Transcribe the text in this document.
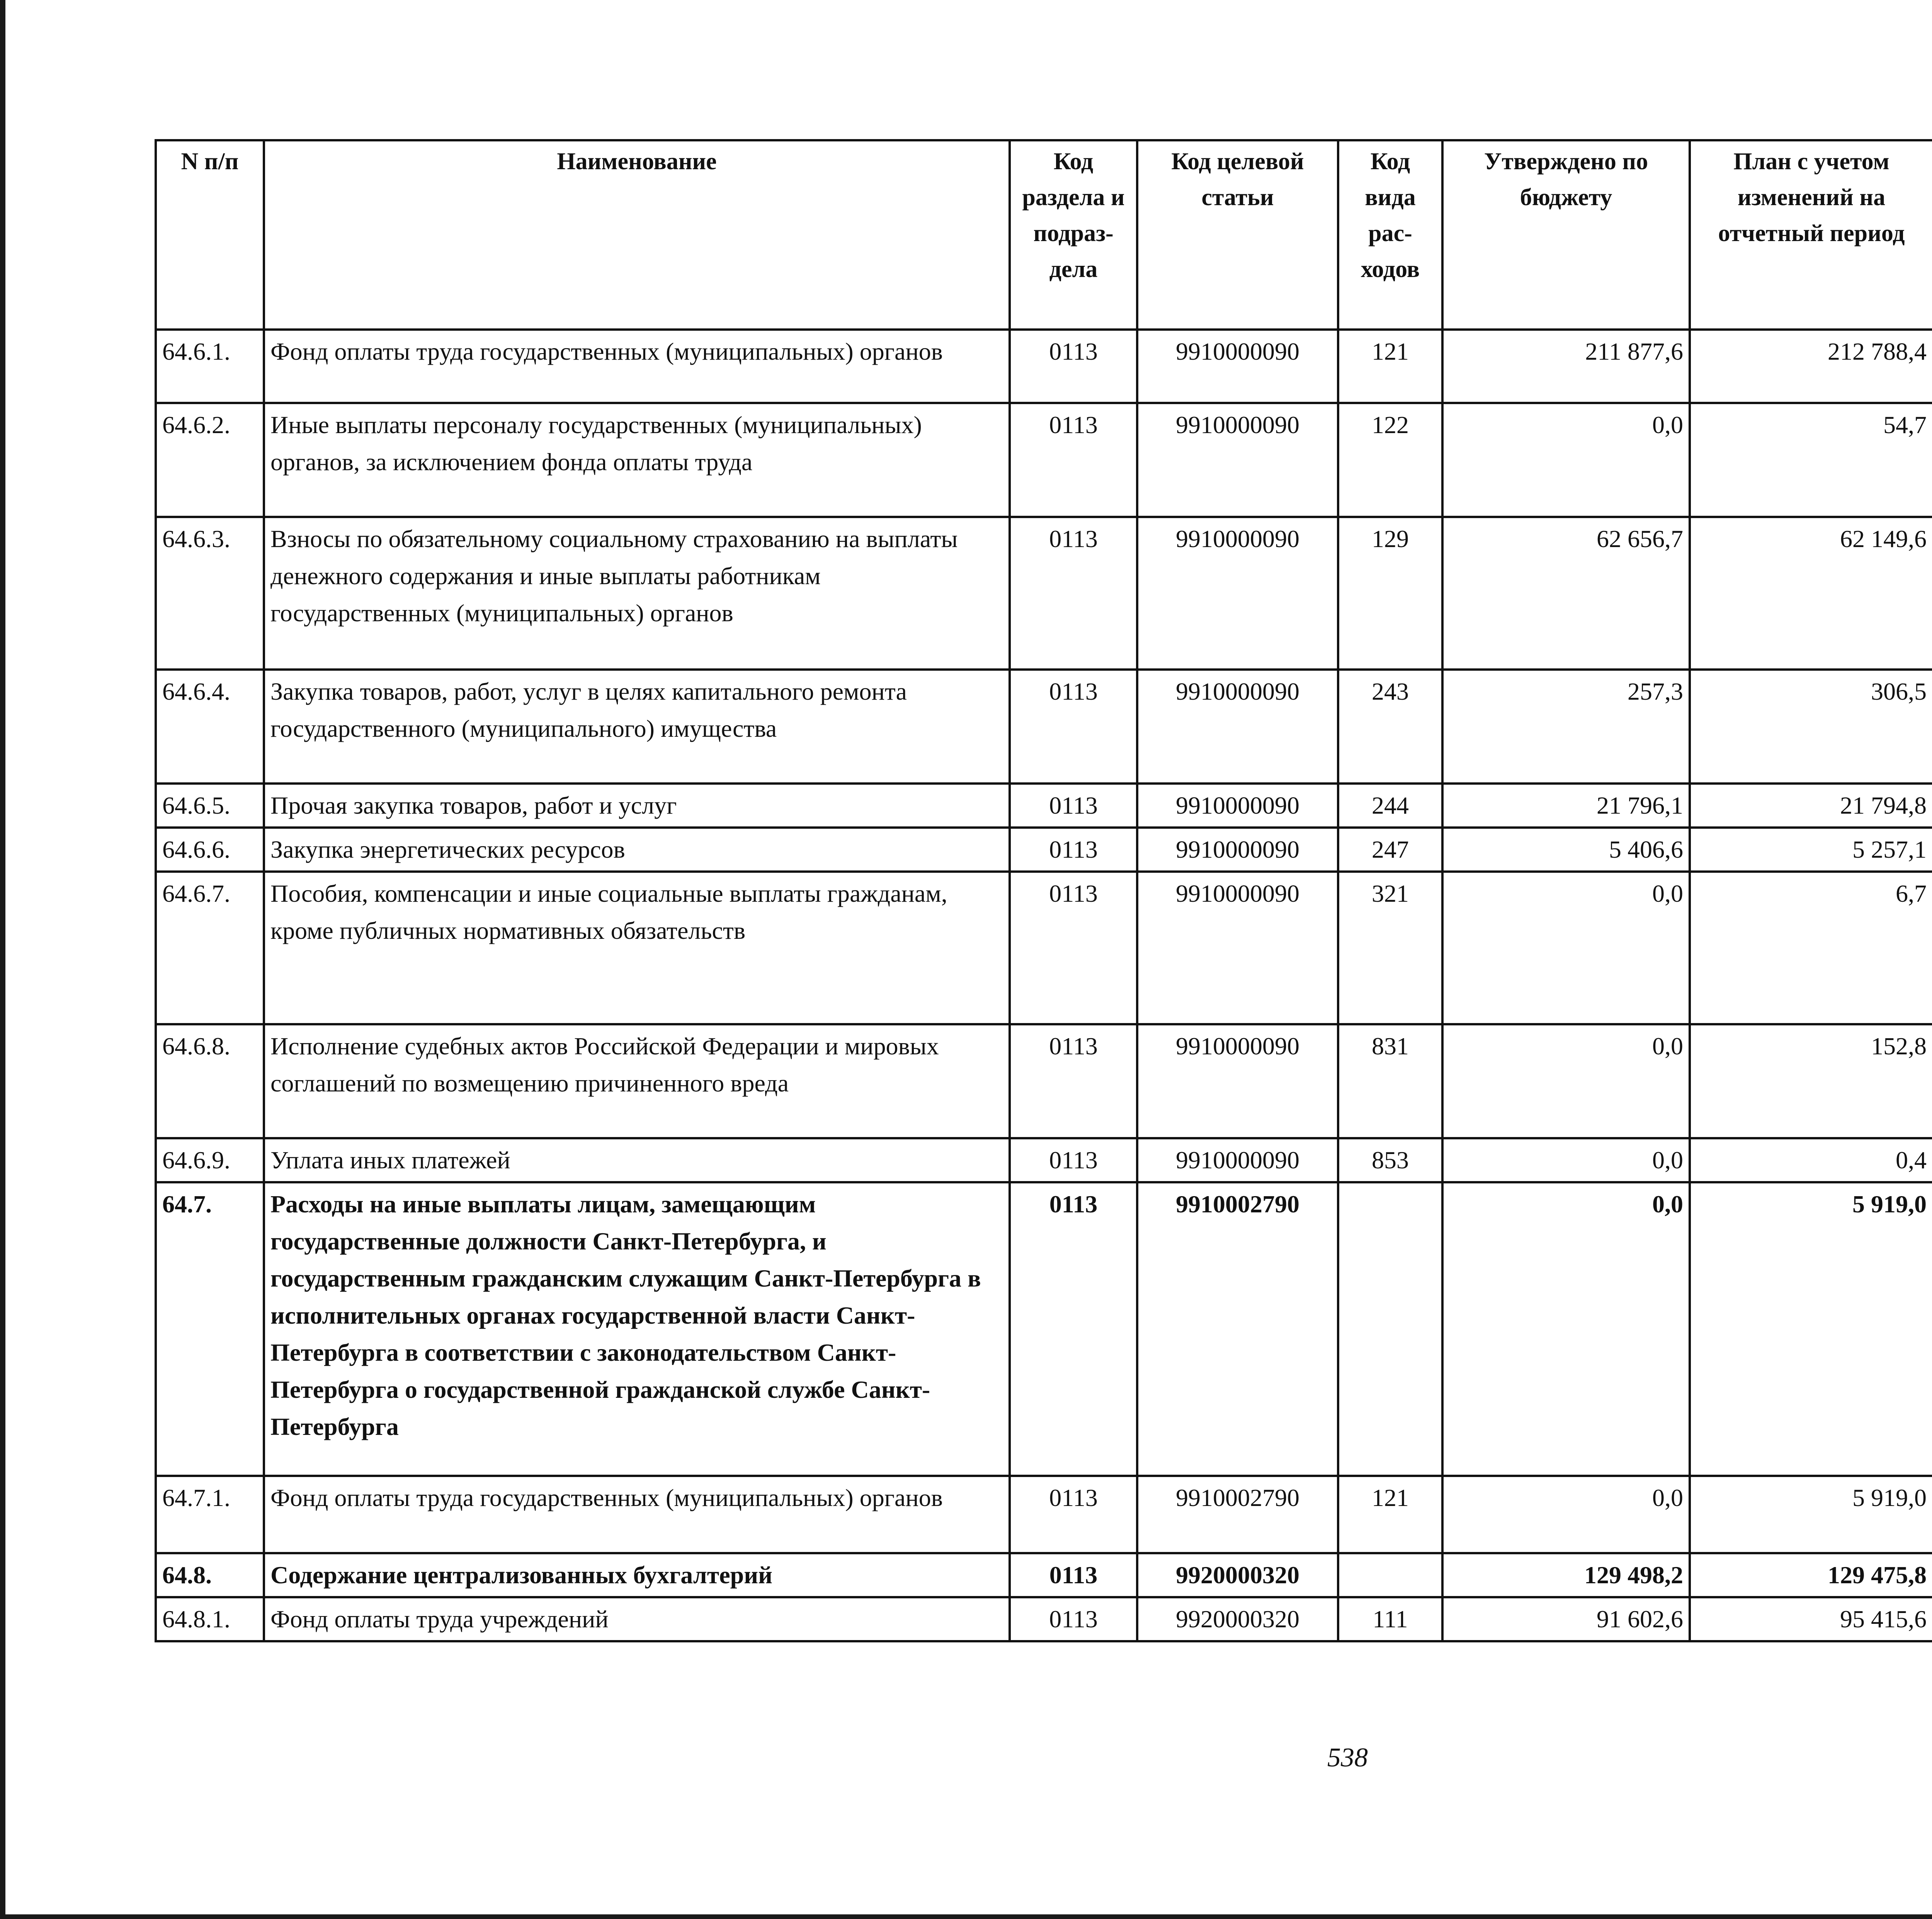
N п/п	Наименование	Код раздела и подраз-дела	Код целевой статьи	Код вида рас-ходов	Утверждено по бюджету	План с учетом изменений на отчетный период		

64.6.1.	Фонд оплаты труда государственных (муниципальных) органов	0113	9910000090	121	211 877,6	212 788,4			
64.6.2.	Иные выплаты персоналу государственных (муниципальных) органов, за исключением фонда оплаты труда	0113	9910000090	122	0,0	54,7			
64.6.3.	Взносы по обязательному социальному страхованию на выплаты денежного содержания и иные выплаты работникам государственных (муниципальных) органов	0113	9910000090	129	62 656,7	62 149,6			
64.6.4.	Закупка товаров, работ, услуг в целях капитального ремонта государственного (муниципального) имущества	0113	9910000090	243	257,3	306,5			
64.6.5.	Прочая закупка товаров, работ и услуг	0113	9910000090	244	21 796,1	21 794,8			
64.6.6.	Закупка энергетических ресурсов	0113	9910000090	247	5 406,6	5 257,1			
64.6.7.	Пособия, компенсации и иные социальные выплаты гражданам, кроме публичных нормативных обязательств	0113	9910000090	321	0,0	6,7			
64.6.8.	Исполнение судебных актов Российской Федерации и мировых соглашений по возмещению причиненного вреда	0113	9910000090	831	0,0	152,8			
64.6.9.	Уплата иных платежей	0113	9910000090	853	0,0	0,4			
64.7.	Расходы на иные выплаты лицам, замещающим государственные должности Санкт-Петербурга, и государственным гражданским служащим Санкт-Петербурга в исполнительных органах государственной власти Санкт-Петербурга в соответствии с законодательством Санкт-Петербурга о государственной гражданской службе Санкт-Петербурга	0113	9910002790		0,0	5 919,0			
64.7.1.	Фонд оплаты труда государственных (муниципальных) органов	0113	9910002790	121	0,0	5 919,0			
64.8.	Содержание централизованных бухгалтерий	0113	9920000320		129 498,2	129 475,8			
64.8.1.	Фонд оплаты труда учреждений	0113	9920000320	111	91 602,6	95 415,6			
538
